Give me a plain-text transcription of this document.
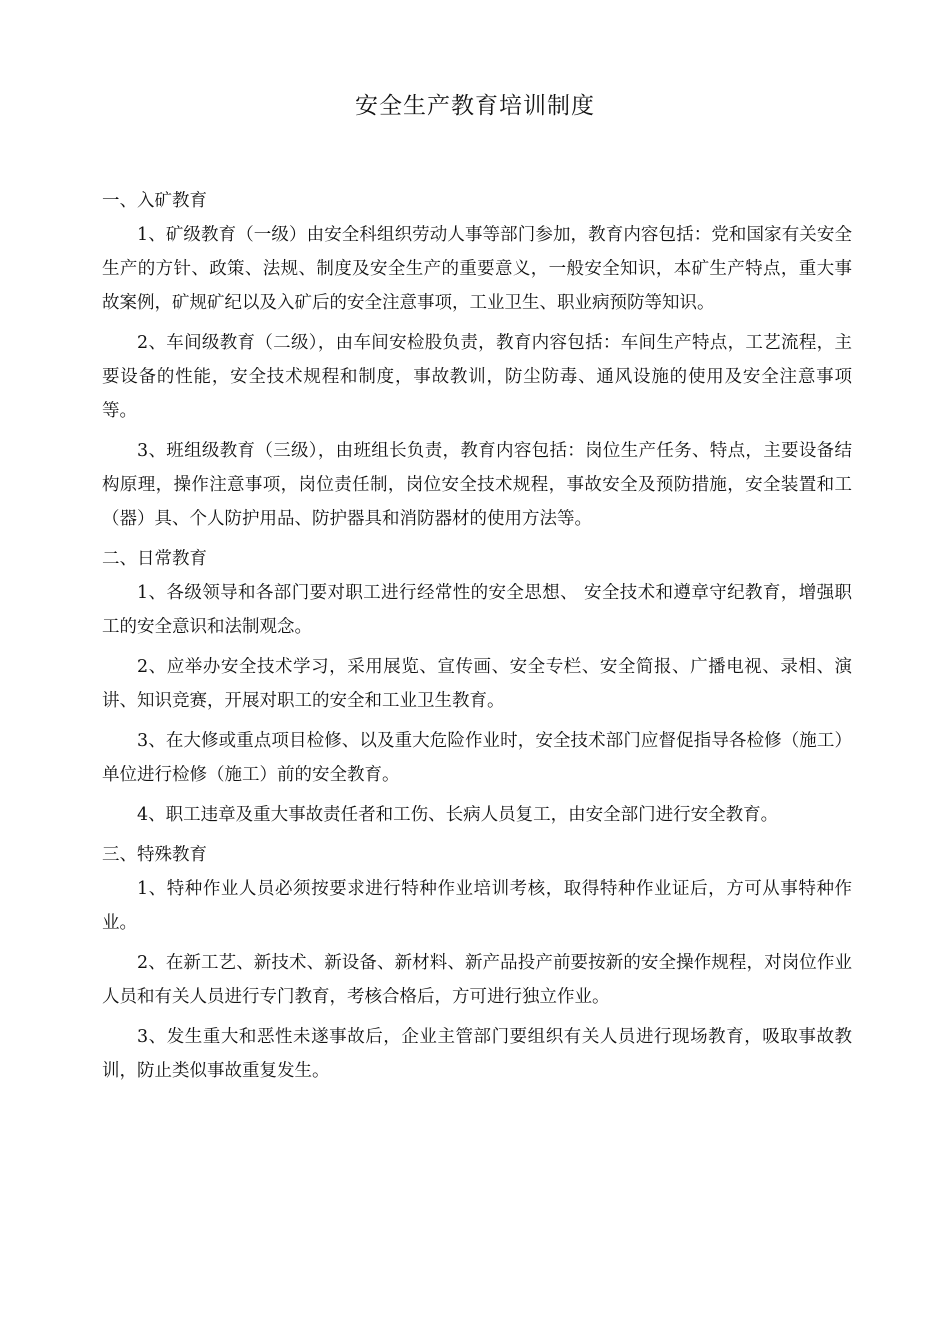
安全生产教育培训制度

一、入矿教育

1、矿级教育（一级）由安全科组织劳动人事等部门参加，教育内容包括：党和国家有关安全生产的方针、政策、法规、制度及安全生产的重要意义，一般安全知识，本矿生产特点，重大事故案例，矿规矿纪以及入矿后的安全注意事项，工业卫生、职业病预防等知识。

2、车间级教育（二级），由车间安检股负责，教育内容包括：车间生产特点，工艺流程，主要设备的性能，安全技术规程和制度，事故教训，防尘防毒、通风设施的使用及安全注意事项等。

3、班组级教育（三级），由班组长负责，教育内容包括：岗位生产任务、特点，主要设备结构原理，操作注意事项，岗位责任制，岗位安全技术规程，事故安全及预防措施，安全装置和工（器）具、个人防护用品、防护器具和消防器材的使用方法等。

二、日常教育

1、各级领导和各部门要对职工进行经常性的安全思想、 安全技术和遵章守纪教育，增强职工的安全意识和法制观念。

2、应举办安全技术学习，采用展览、宣传画、安全专栏、安全简报、广播电视、录相、演讲、知识竞赛，开展对职工的安全和工业卫生教育。

3、在大修或重点项目检修、以及重大危险作业时，安全技术部门应督促指导各检修（施工）单位进行检修（施工）前的安全教育。

4、职工违章及重大事故责任者和工伤、长病人员复工，由安全部门进行安全教育。

三、特殊教育

1、特种作业人员必须按要求进行特种作业培训考核，取得特种作业证后，方可从事特种作业。

2、在新工艺、新技术、新设备、新材料、新产品投产前要按新的安全操作规程，对岗位作业人员和有关人员进行专门教育，考核合格后，方可进行独立作业。

3、发生重大和恶性未遂事故后，企业主管部门要组织有关人员进行现场教育，吸取事故教训，防止类似事故重复发生。
